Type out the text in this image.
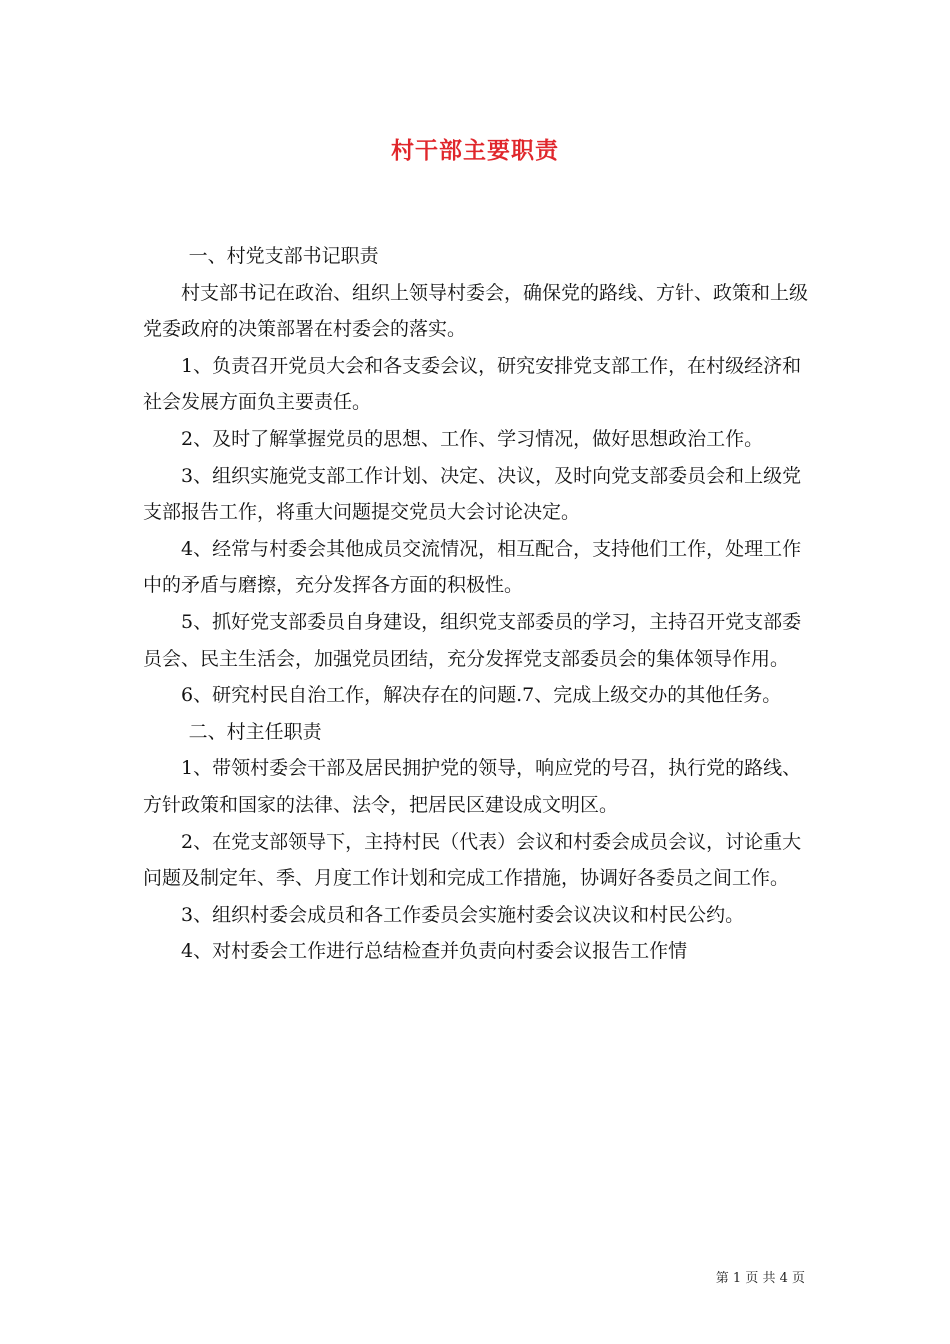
村干部主要职责

一、村党支部书记职责

村支部书记在政治、组织上领导村委会，确保党的路线、方针、政策和上级党委政府的决策部署在村委会的落实。

1、负责召开党员大会和各支委会议，研究安排党支部工作，在村级经济和社会发展方面负主要责任。

2、及时了解掌握党员的思想、工作、学习情况，做好思想政治工作。

3、组织实施党支部工作计划、决定、决议，及时向党支部委员会和上级党支部报告工作，将重大问题提交党员大会讨论决定。

4、经常与村委会其他成员交流情况，相互配合，支持他们工作，处理工作中的矛盾与磨擦，充分发挥各方面的积极性。

5、抓好党支部委员自身建设，组织党支部委员的学习，主持召开党支部委员会、民主生活会，加强党员团结，充分发挥党支部委员会的集体领导作用。

6、研究村民自治工作，解决存在的问题.7、完成上级交办的其他任务。

二、村主任职责

1、带领村委会干部及居民拥护党的领导，响应党的号召，执行党的路线、方针政策和国家的法律、法令，把居民区建设成文明区。

2、在党支部领导下，主持村民（代表）会议和村委会成员会议，讨论重大问题及制定年、季、月度工作计划和完成工作措施，协调好各委员之间工作。

3、组织村委会成员和各工作委员会实施村委会议决议和村民公约。

4、对村委会工作进行总结检查并负责向村委会议报告工作情

第 1 页 共 4 页
